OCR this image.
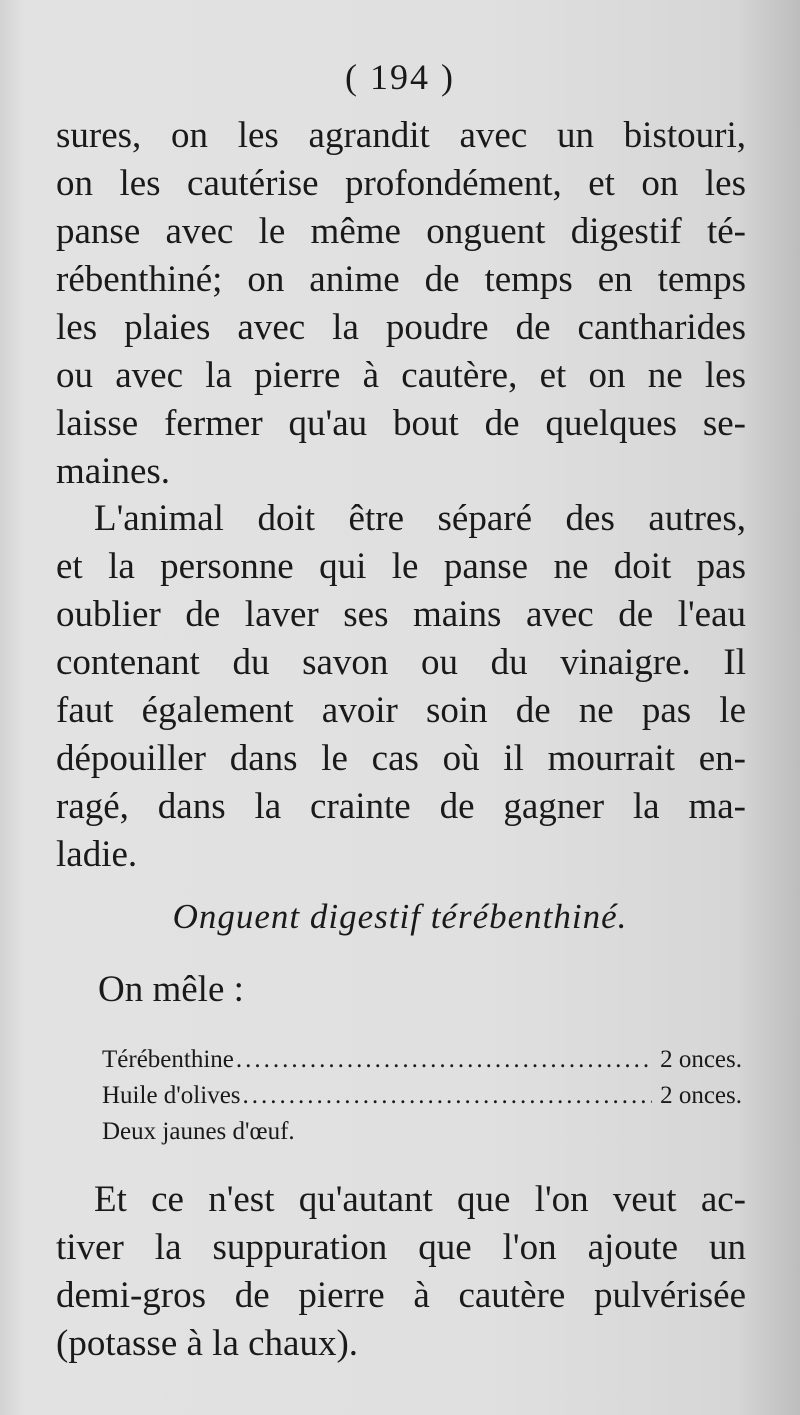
( 194 )
sures, on les agrandit avec un bistouri,
on les cautérise profondément, et on les
panse avec le même onguent digestif té-
rébenthiné; on anime de temps en temps
les plaies avec la poudre de cantharides
ou avec la pierre à cautère, et on ne les
laisse fermer qu'au bout de quelques se-
maines.
L'animal doit être séparé des autres,
et la personne qui le panse ne doit pas
oublier de laver ses mains avec de l'eau
contenant du savon ou du vinaigre. Il
faut également avoir soin de ne pas le
dépouiller dans le cas où il mourrait en-
ragé, dans la crainte de gagner la ma-
ladie.
Onguent digestif térébenthiné.
On mêle :
Térébenthine .....	2 onces.
Huile d'olives .....	2 onces.
Deux jaunes d'œuf.
Et ce n'est qu'autant que l'on veut ac-
tiver la suppuration que l'on ajoute un
demi-gros de pierre à cautère pulvérisée
(potasse à la chaux).
